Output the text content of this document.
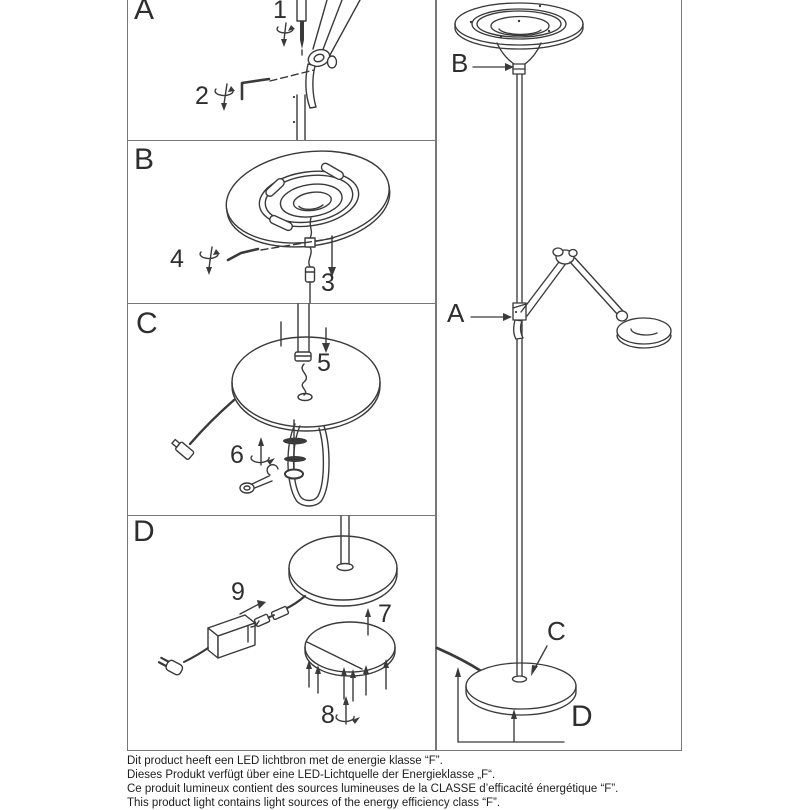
A	1
2
B
3
4
C
5
6
D
7
8
9
B
A
C
D

Dit product heeft een LED lichtbron met de energie klasse “F”.

Dieses Produkt verfügt über eine LED-Lichtquelle der Energieklasse „F“.

Ce produit lumineux contient des sources lumineuses de la CLASSE d’efficacité énergétique “F”.

This product light contains light sources of the energy efficiency class “F”.
